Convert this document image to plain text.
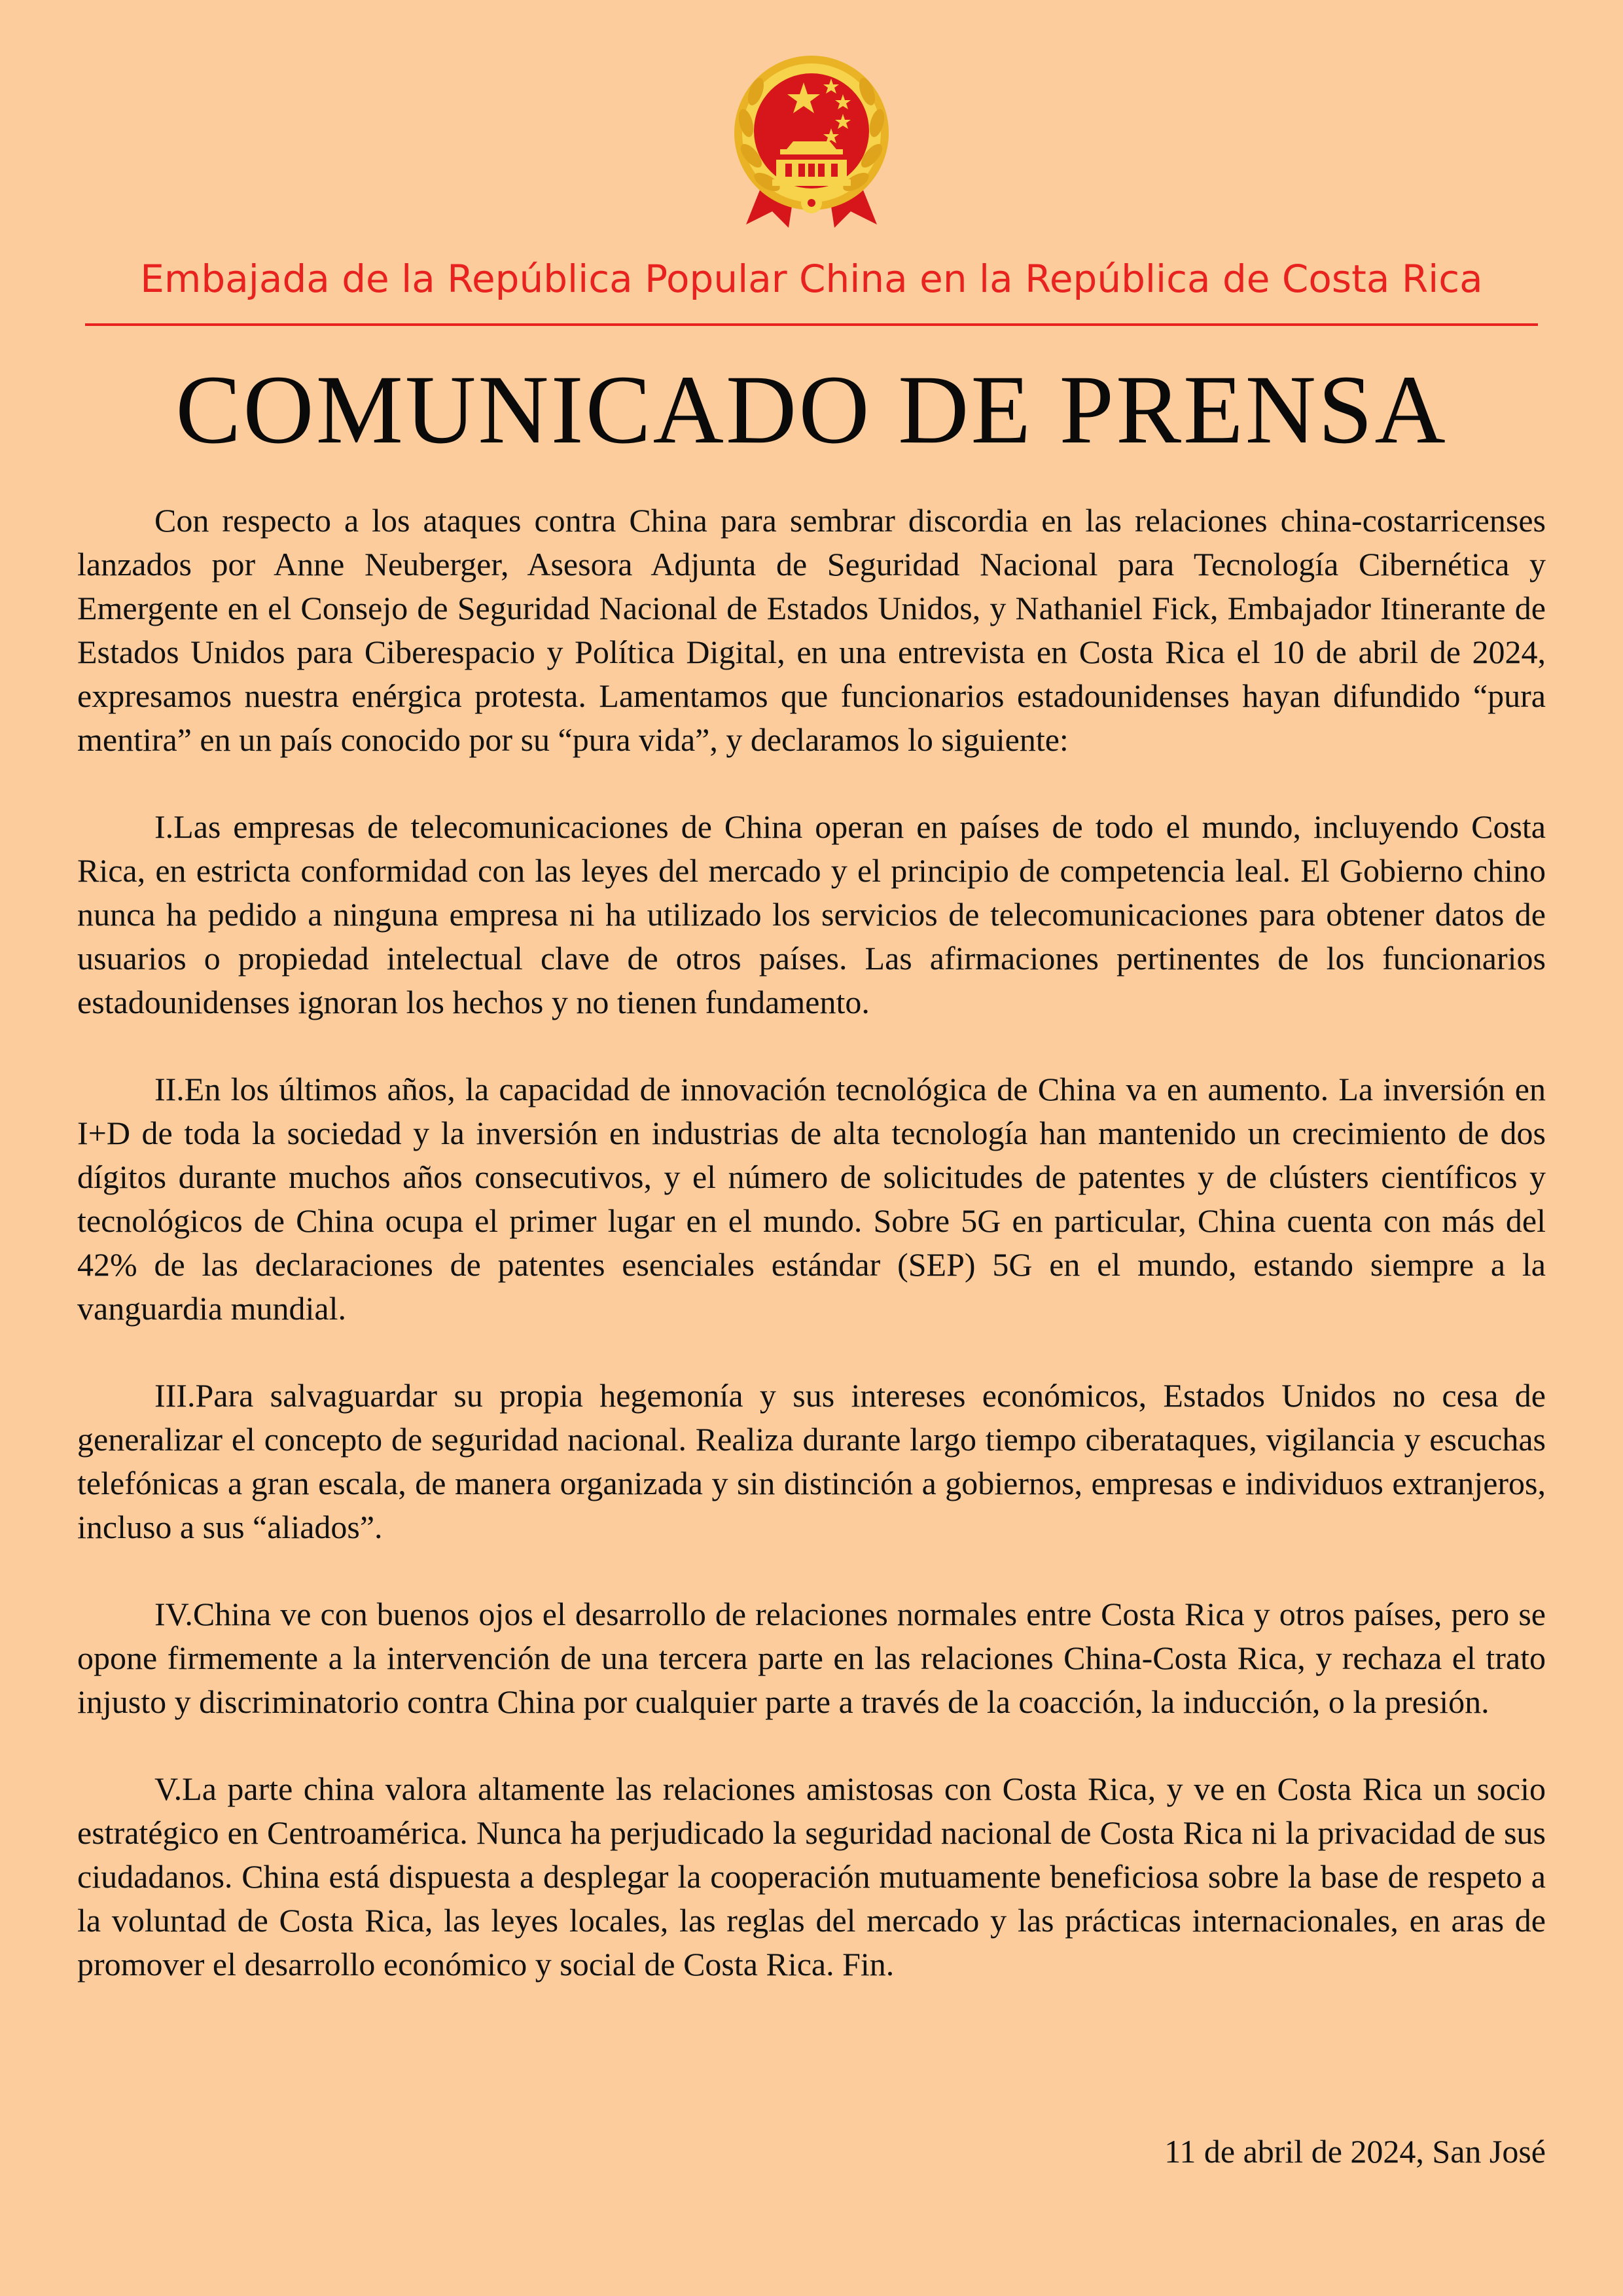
Embajada de la República Popular China en la República de Costa Rica
COMUNICADO DE PRENSA

Con respecto a los ataques contra China para sembrar discordia en las relaciones china-costarricenses lanzados por Anne Neuberger, Asesora Adjunta de Seguridad Nacional para Tecnología Cibernética y Emergente en el Consejo de Seguridad Nacional de Estados Unidos, y Nathaniel Fick, Embajador Itinerante de Estados Unidos para Ciberespacio y Política Digital, en una entrevista en Costa Rica el 10 de abril de 2024, expresamos nuestra enérgica protesta. Lamentamos que funcionarios estadounidenses hayan difundido “pura mentira” en un país conocido por su “pura vida”, y declaramos lo siguiente:

I.Las empresas de telecomunicaciones de China operan en países de todo el mundo, incluyendo Costa Rica, en estricta conformidad con las leyes del mercado y el principio de competencia leal. El Gobierno chino nunca ha pedido a ninguna empresa ni ha utilizado los servicios de telecomunicaciones para obtener datos de usuarios o propiedad intelectual clave de otros países. Las afirmaciones pertinentes de los funcionarios estadounidenses ignoran los hechos y no tienen fundamento.

II.En los últimos años, la capacidad de innovación tecnológica de China va en aumento. La inversión en I+D de toda la sociedad y la inversión en industrias de alta tecnología han mantenido un crecimiento de dos dígitos durante muchos años consecutivos, y el número de solicitudes de patentes y de clústers científicos y tecnológicos de China ocupa el primer lugar en el mundo. Sobre 5G en particular, China cuenta con más del 42% de las declaraciones de patentes esenciales estándar (SEP) 5G en el mundo, estando siempre a la vanguardia mundial.

III.Para salvaguardar su propia hegemonía y sus intereses económicos, Estados Unidos no cesa de generalizar el concepto de seguridad nacional. Realiza durante largo tiempo ciberataques, vigilancia y escuchas telefónicas a gran escala, de manera organizada y sin distinción a gobiernos, empresas e individuos extranjeros, incluso a sus “aliados”.

IV.China ve con buenos ojos el desarrollo de relaciones normales entre Costa Rica y otros países, pero se opone firmemente a la intervención de una tercera parte en las relaciones China-Costa Rica, y rechaza el trato injusto y discriminatorio contra China por cualquier parte a través de la coacción, la inducción, o la presión.

V.La parte china valora altamente las relaciones amistosas con Costa Rica, y ve en Costa Rica un socio estratégico en Centroamérica. Nunca ha perjudicado la seguridad nacional de Costa Rica ni la privacidad de sus ciudadanos. China está dispuesta a desplegar la cooperación mutuamente beneficiosa sobre la base de respeto a la voluntad de Costa Rica, las leyes locales, las reglas del mercado y las prácticas internacionales, en aras de promover el desarrollo económico y social de Costa Rica. Fin.

11 de abril de 2024, San José
